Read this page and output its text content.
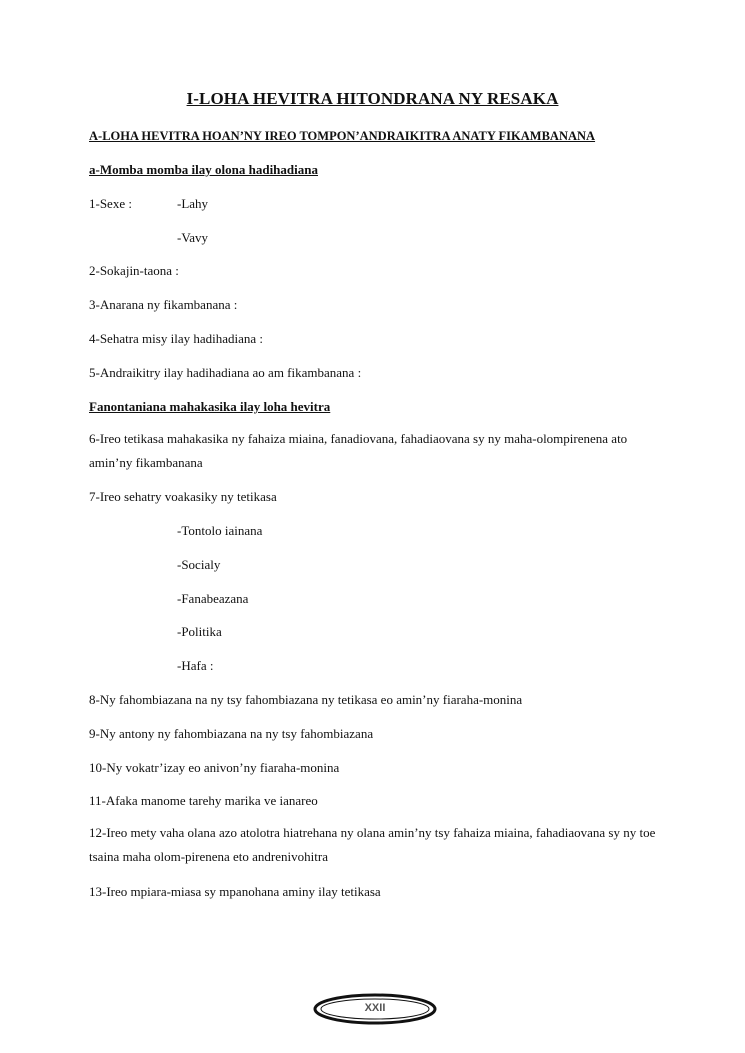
I-LOHA HEVITRA HITONDRANA NY RESAKA
A-LOHA HEVITRA HOAN’NY IREO TOMPON’ANDRAIKITRA ANATY FIKAMBANANA
a-Momba momba ilay olona hadihadiana
1-Sexe :	-Lahy
-Vavy
2-Sokajin-taona :
3-Anarana ny fikambanana :
4-Sehatra misy ilay hadihadiana :
5-Andraikitry ilay hadihadiana ao am fikambanana :
Fanontaniana mahakasika ilay loha hevitra
6-Ireo tetikasa mahakasika ny fahaiza miaina, fanadiovana, fahadiaovana sy ny maha-olompirenena ato amin’ny fikambanana
7-Ireo sehatry voakasiky ny tetikasa
-Tontolo iainana
-Socialy
-Fanabeazana
-Politika
-Hafa :
8-Ny fahombiazana na ny tsy fahombiazana ny tetikasa eo amin’ny fiaraha-monina
9-Ny antony ny fahombiazana na ny tsy fahombiazana
10-Ny vokatr’izay eo anivon’ny fiaraha-monina
11-Afaka manome tarehy marika ve ianareo
12-Ireo mety vaha olana azo atolotra hiatrehana ny olana amin’ny tsy fahaiza miaina, fahadiaovana sy ny toe tsaina maha olom-pirenena eto andrenivohitra
13-Ireo mpiara-miasa sy mpanohana aminy ilay tetikasa
XXII
